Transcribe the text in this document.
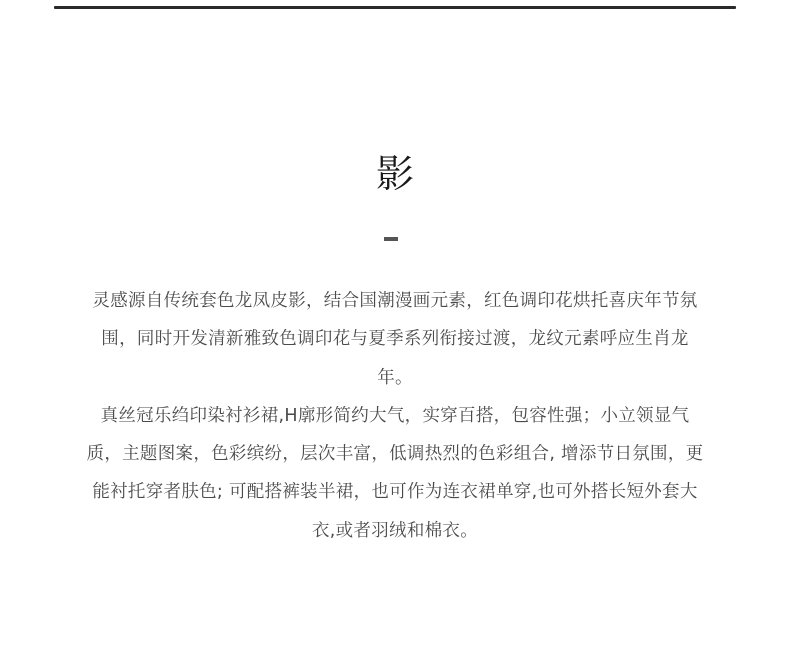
影

灵感源自传统套色龙凤皮影，结合国潮漫画元素，红色调印花烘托喜庆年节氛围，同时开发清新雅致色调印花与夏季系列衔接过渡，龙纹元素呼应生肖龙年。

真丝冠乐绉印染衬衫裙,H廓形简约大气，实穿百搭，包容性强；小立领显气质，主题图案，色彩缤纷，层次丰富，低调热烈的色彩组合, 增添节日氛围，更能衬托穿者肤色; 可配搭裤装半裙，也可作为连衣裙单穿,也可外搭长短外套大衣,或者羽绒和棉衣。
